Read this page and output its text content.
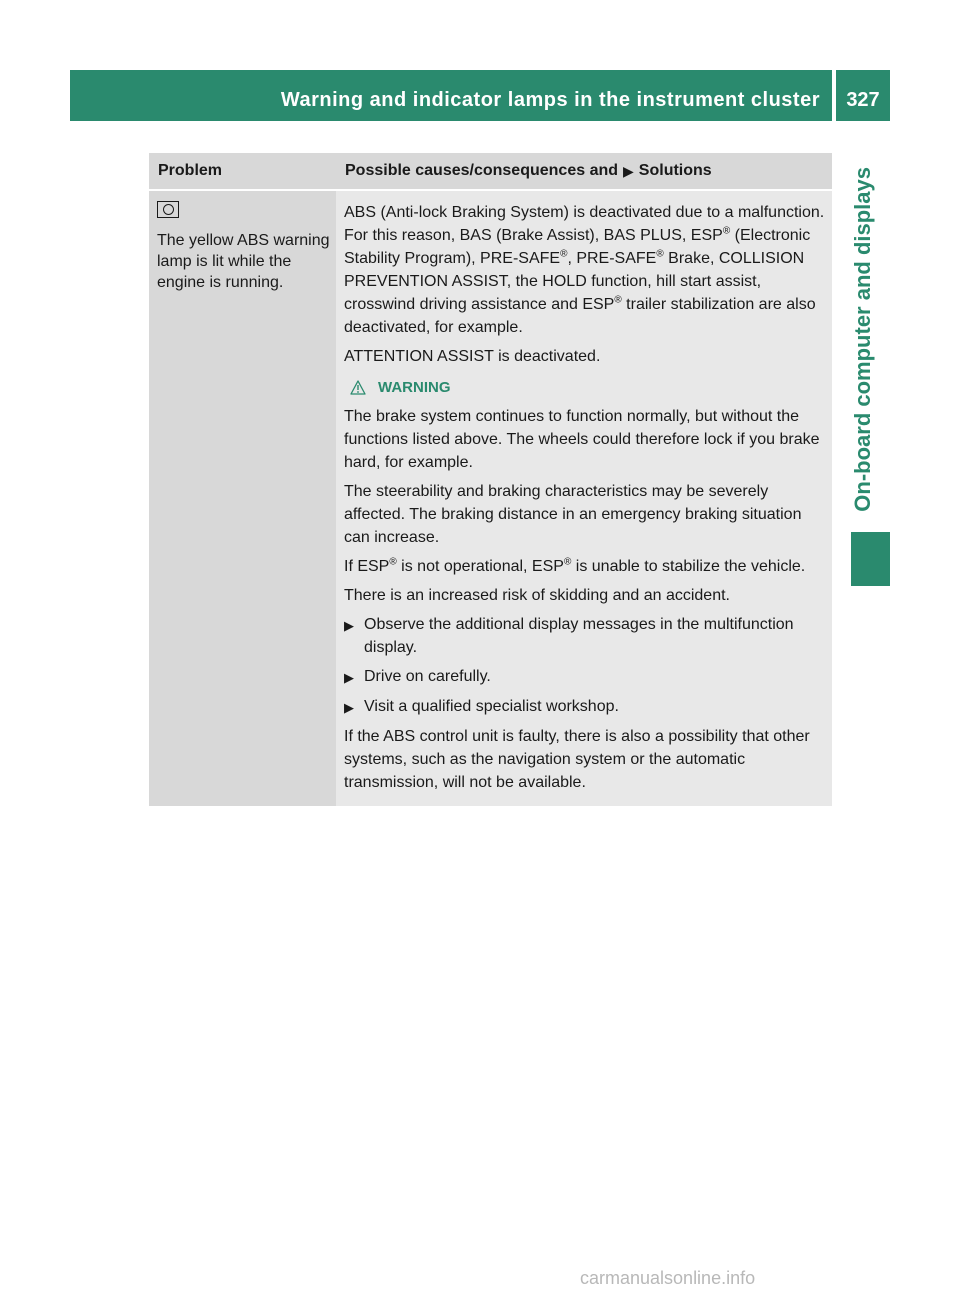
Warning and indicator lamps in the instrument cluster 327
On-board computer and displays
Problem	Possible causes/consequences and ▶ Solutions
The yellow ABS warning lamp is lit while the engine is running.

ABS (Anti-lock Braking System) is deactivated due to a malfunction. For this reason, BAS (Brake Assist), BAS PLUS, ESP® (Electronic Stability Program), PRE-SAFE®, PRE-SAFE® Brake, COLLISION PREVENTION ASSIST, the HOLD function, hill start assist, crosswind driving assistance and ESP® trailer stabilization are also deactivated, for example.

ATTENTION ASSIST is deactivated.

WARNING

The brake system continues to function normally, but without the functions listed above. The wheels could therefore lock if you brake hard, for example.

The steerability and braking characteristics may be severely affected. The braking distance in an emergency braking situation can increase.

If ESP® is not operational, ESP® is unable to stabilize the vehicle.

There is an increased risk of skidding and an accident.

▶ Observe the additional display messages in the multifunction display.
▶ Drive on carefully.
▶ Visit a qualified specialist workshop.

If the ABS control unit is faulty, there is also a possibility that other systems, such as the navigation system or the automatic transmission, will not be available.

carmanualsonline.info
